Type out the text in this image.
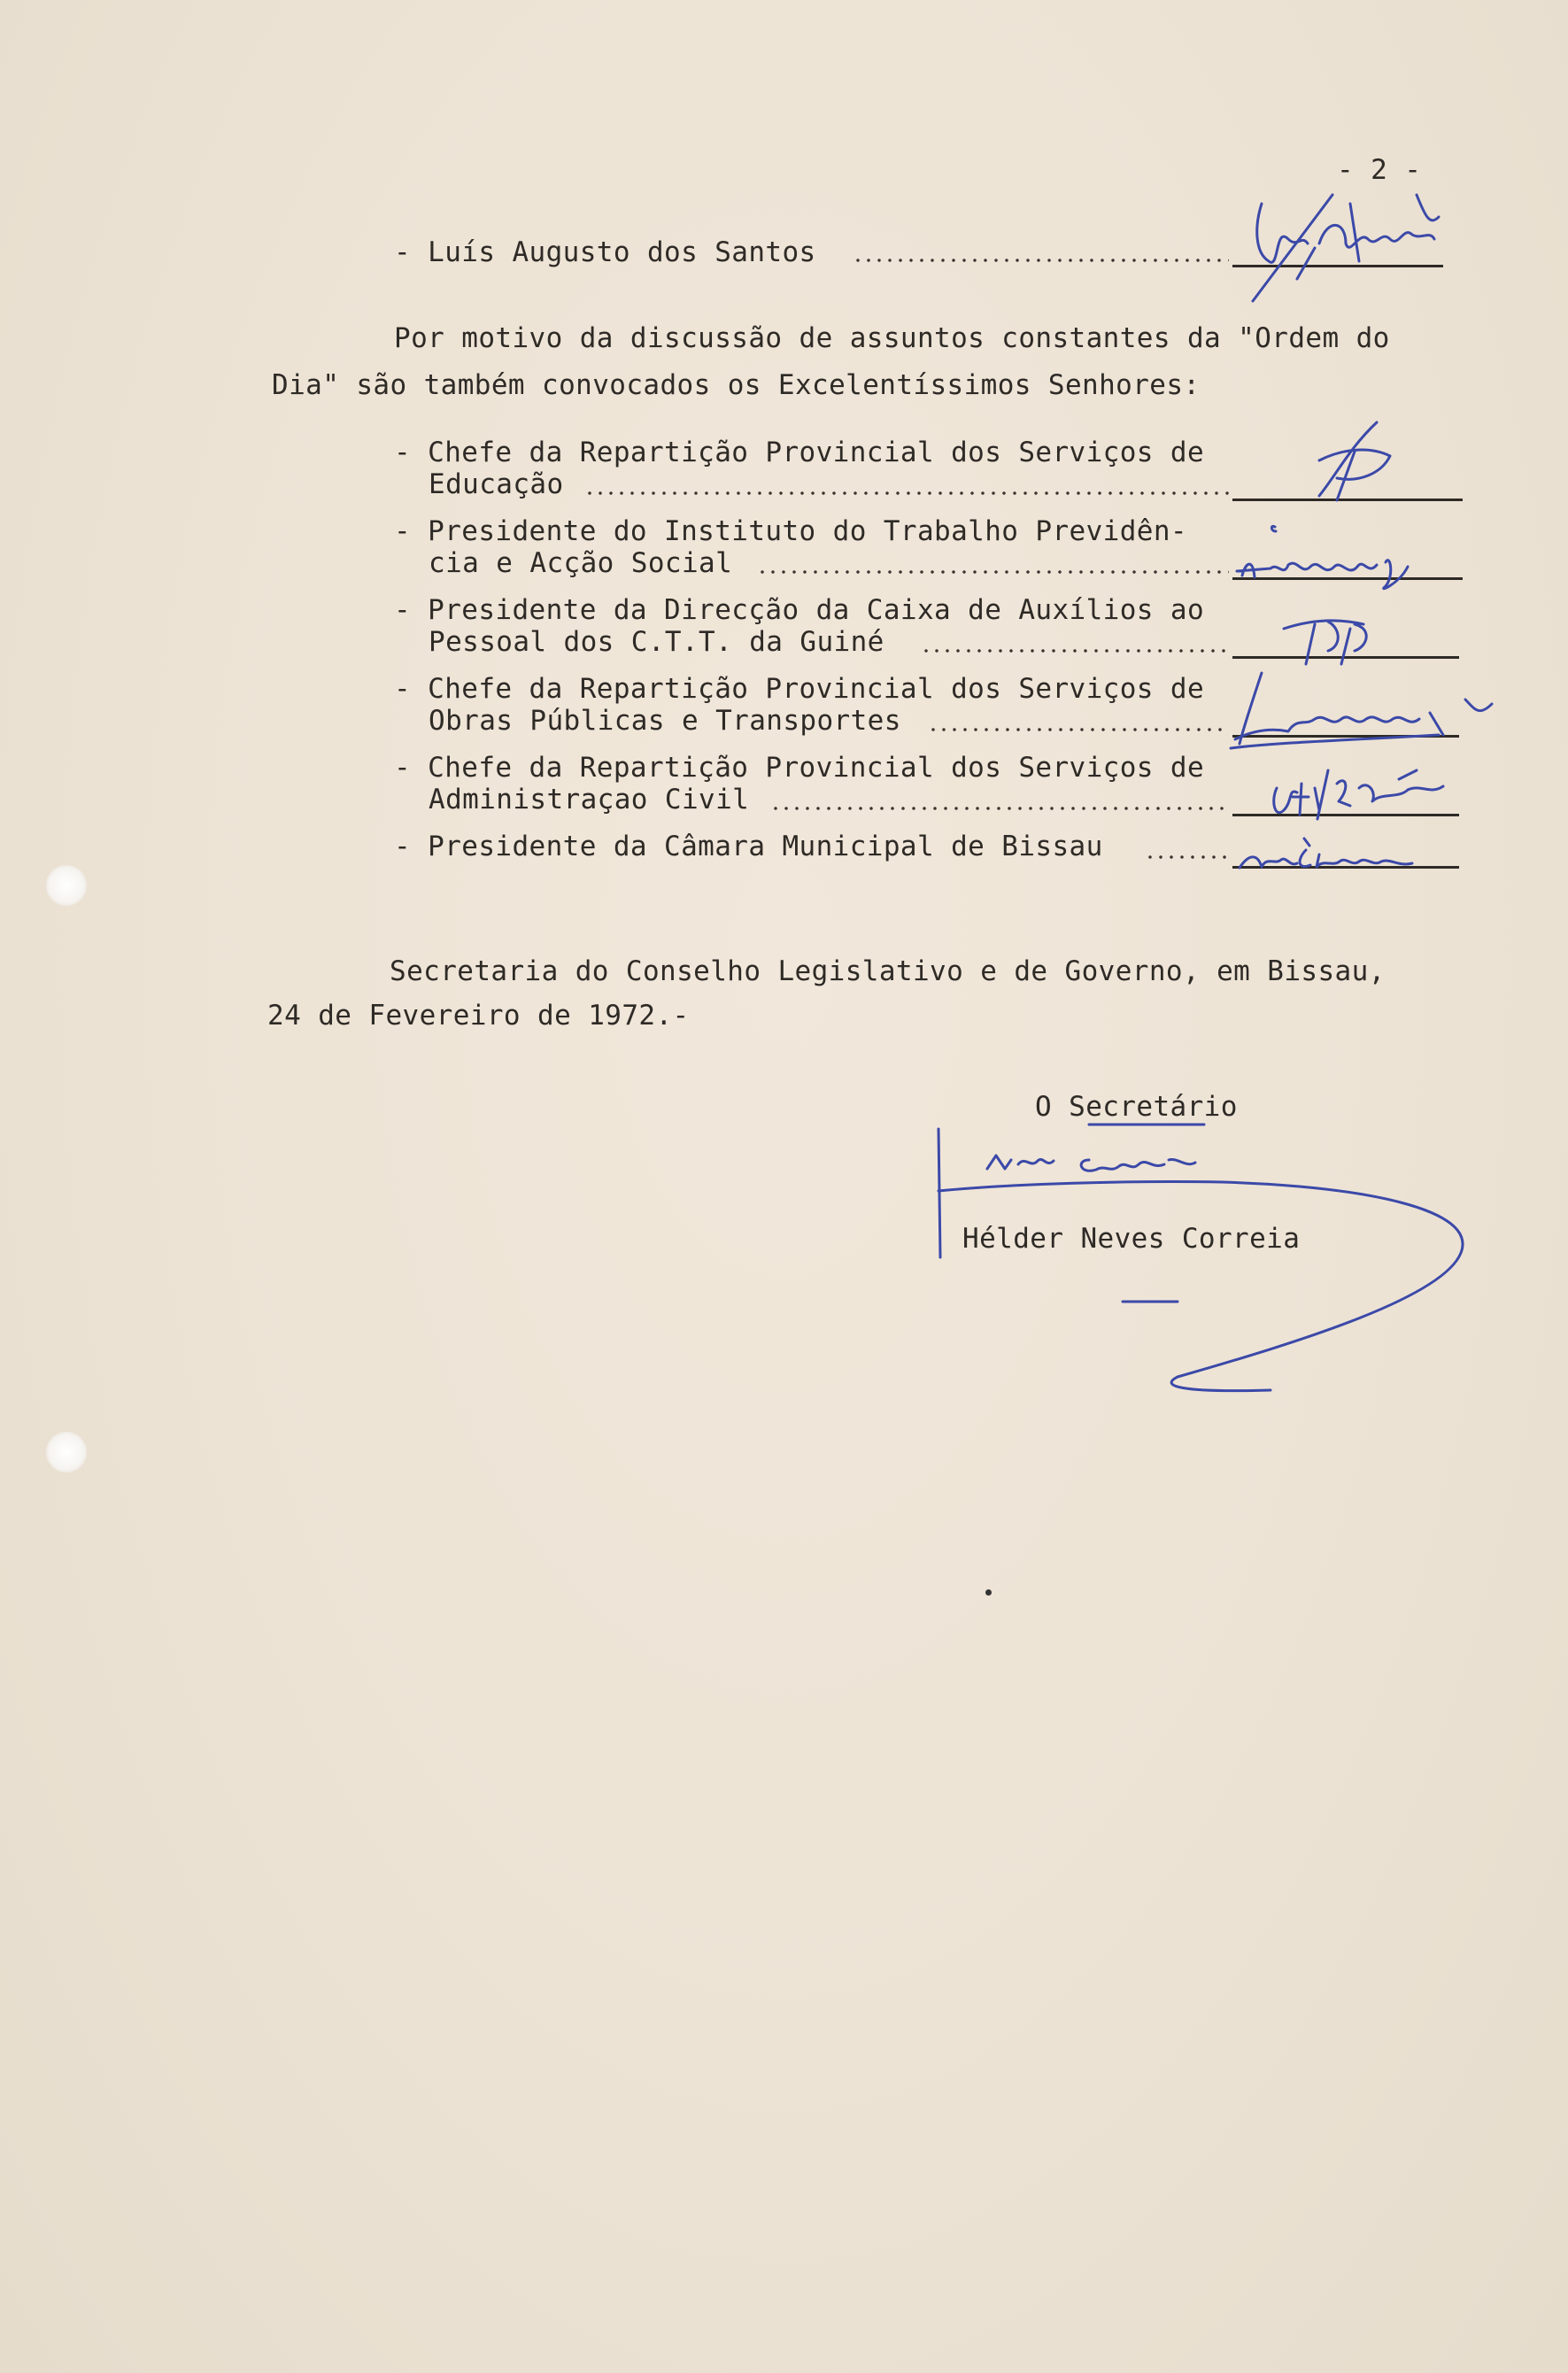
- 2 -
- Luís Augusto dos Santos
Por motivo da discussão de assuntos constantes da "Ordem do
Dia" são também convocados os Excelentíssimos Senhores:
- Chefe da Repartição Provincial dos Serviços de
Educação
- Presidente do Instituto do Trabalho Previdên-
cia e Acção Social
- Presidente da Direcção da Caixa de Auxílios ao
Pessoal dos C.T.T. da Guiné
- Chefe da Repartição Provincial dos Serviços de
Obras Públicas e Transportes
- Chefe da Repartição Provincial dos Serviços de
Administraçao Civil
- Presidente da Câmara Municipal de Bissau
Secretaria do Conselho Legislativo e de Governo, em Bissau,
24 de Fevereiro de 1972.-
O Secretário
Hélder Neves Correia
